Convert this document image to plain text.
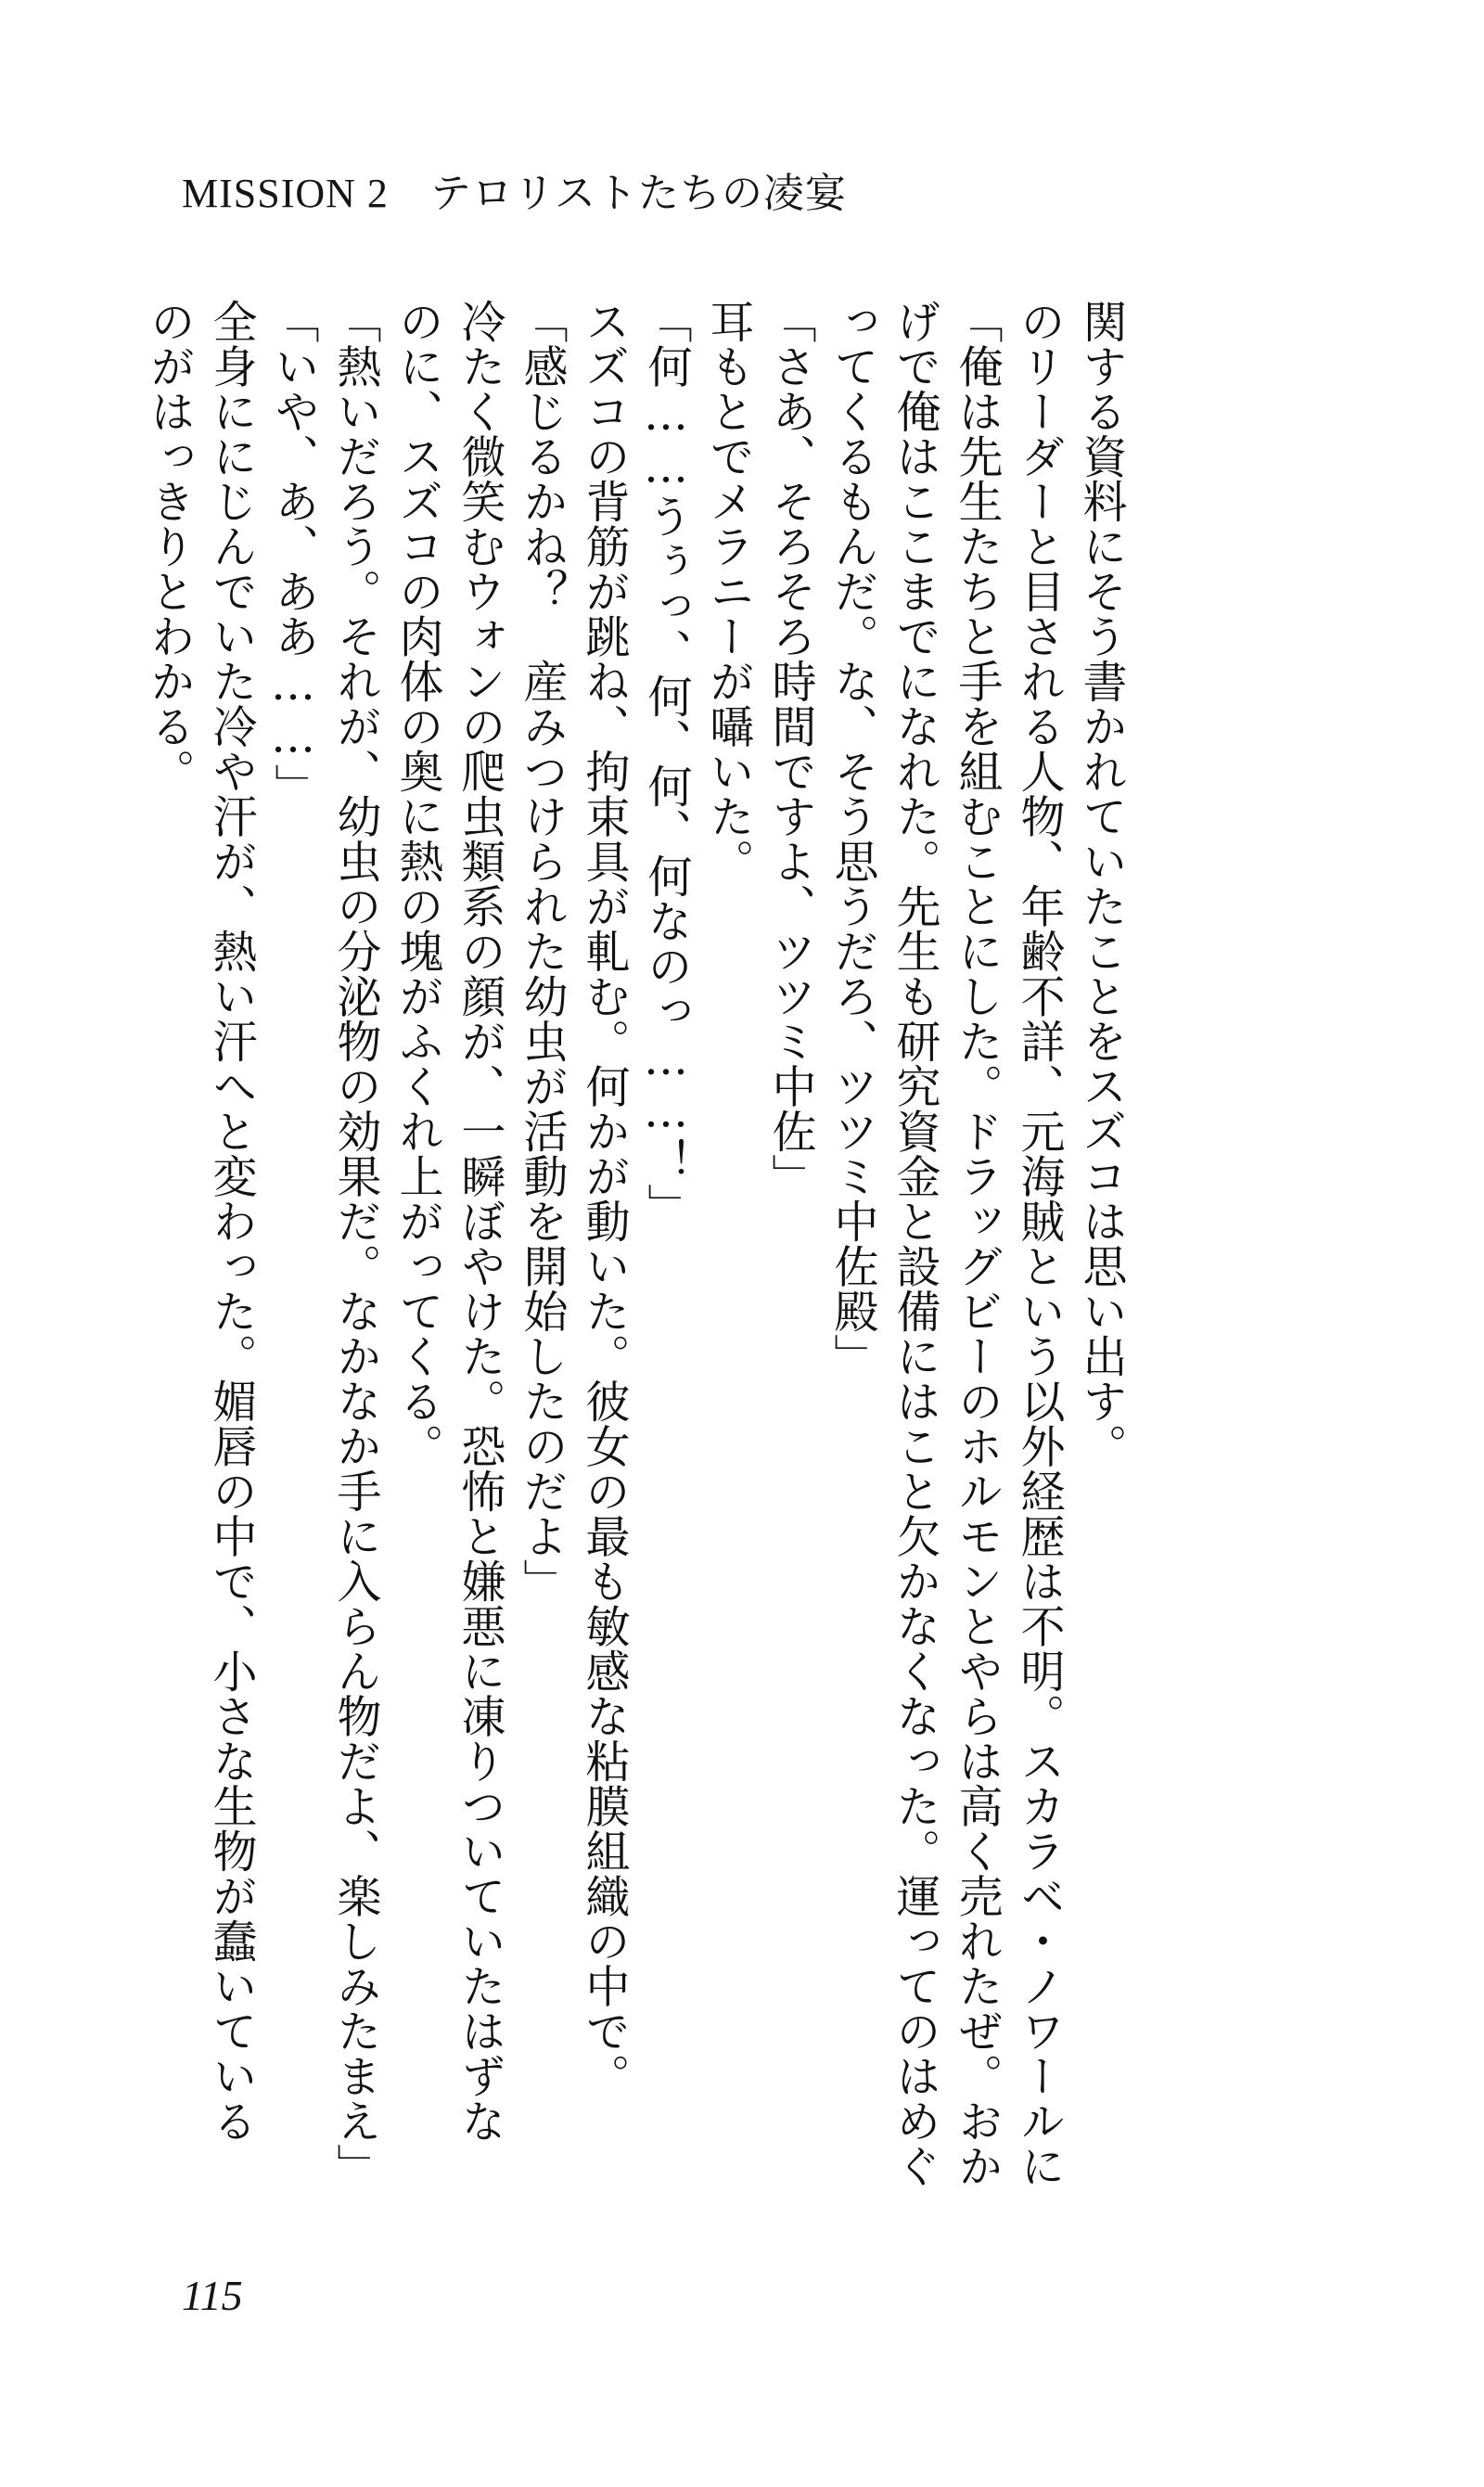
MISSION 2　テロリストたちの凌宴
関する資料にそう書かれていたことをスズコは思い出す。
のリーダーと目される人物、年齢不詳、元海賊という以外経歴は不明。スカラベ・ノワールに
「俺は先生たちと手を組むことにした。ドラッグビーのホルモンとやらは高く売れたぜ。おか
げで俺はここまでになれた。先生も研究資金と設備にはこと欠かなくなった。運ってのはめぐ
ってくるもんだ。な、そう思うだろ、ツツミ中佐殿」
「さあ、そろそろ時間ですよ、ツツミ中佐」
耳もとでメラニーが囁いた。
「何……うぅっ、何、何、何なのっ……！」
スズコの背筋が跳ね、拘束具が軋む。何かが動いた。彼女の最も敏感な粘膜組織の中で。
「感じるかね？　産みつけられた幼虫が活動を開始したのだよ」
冷たく微笑むウォンの爬虫類系の顔が、一瞬ぼやけた。恐怖と嫌悪に凍りついていたはずな
のに、スズコの肉体の奥に熱の塊がふくれ上がってくる。
「熱いだろう。それが、幼虫の分泌物の効果だ。なかなか手に入らん物だよ、楽しみたまえ」
「いや、あ、ああ……」
全身ににじんでいた冷や汗が、熱い汗へと変わった。媚唇の中で、小さな生物が蠢いている
のがはっきりとわかる。
115
